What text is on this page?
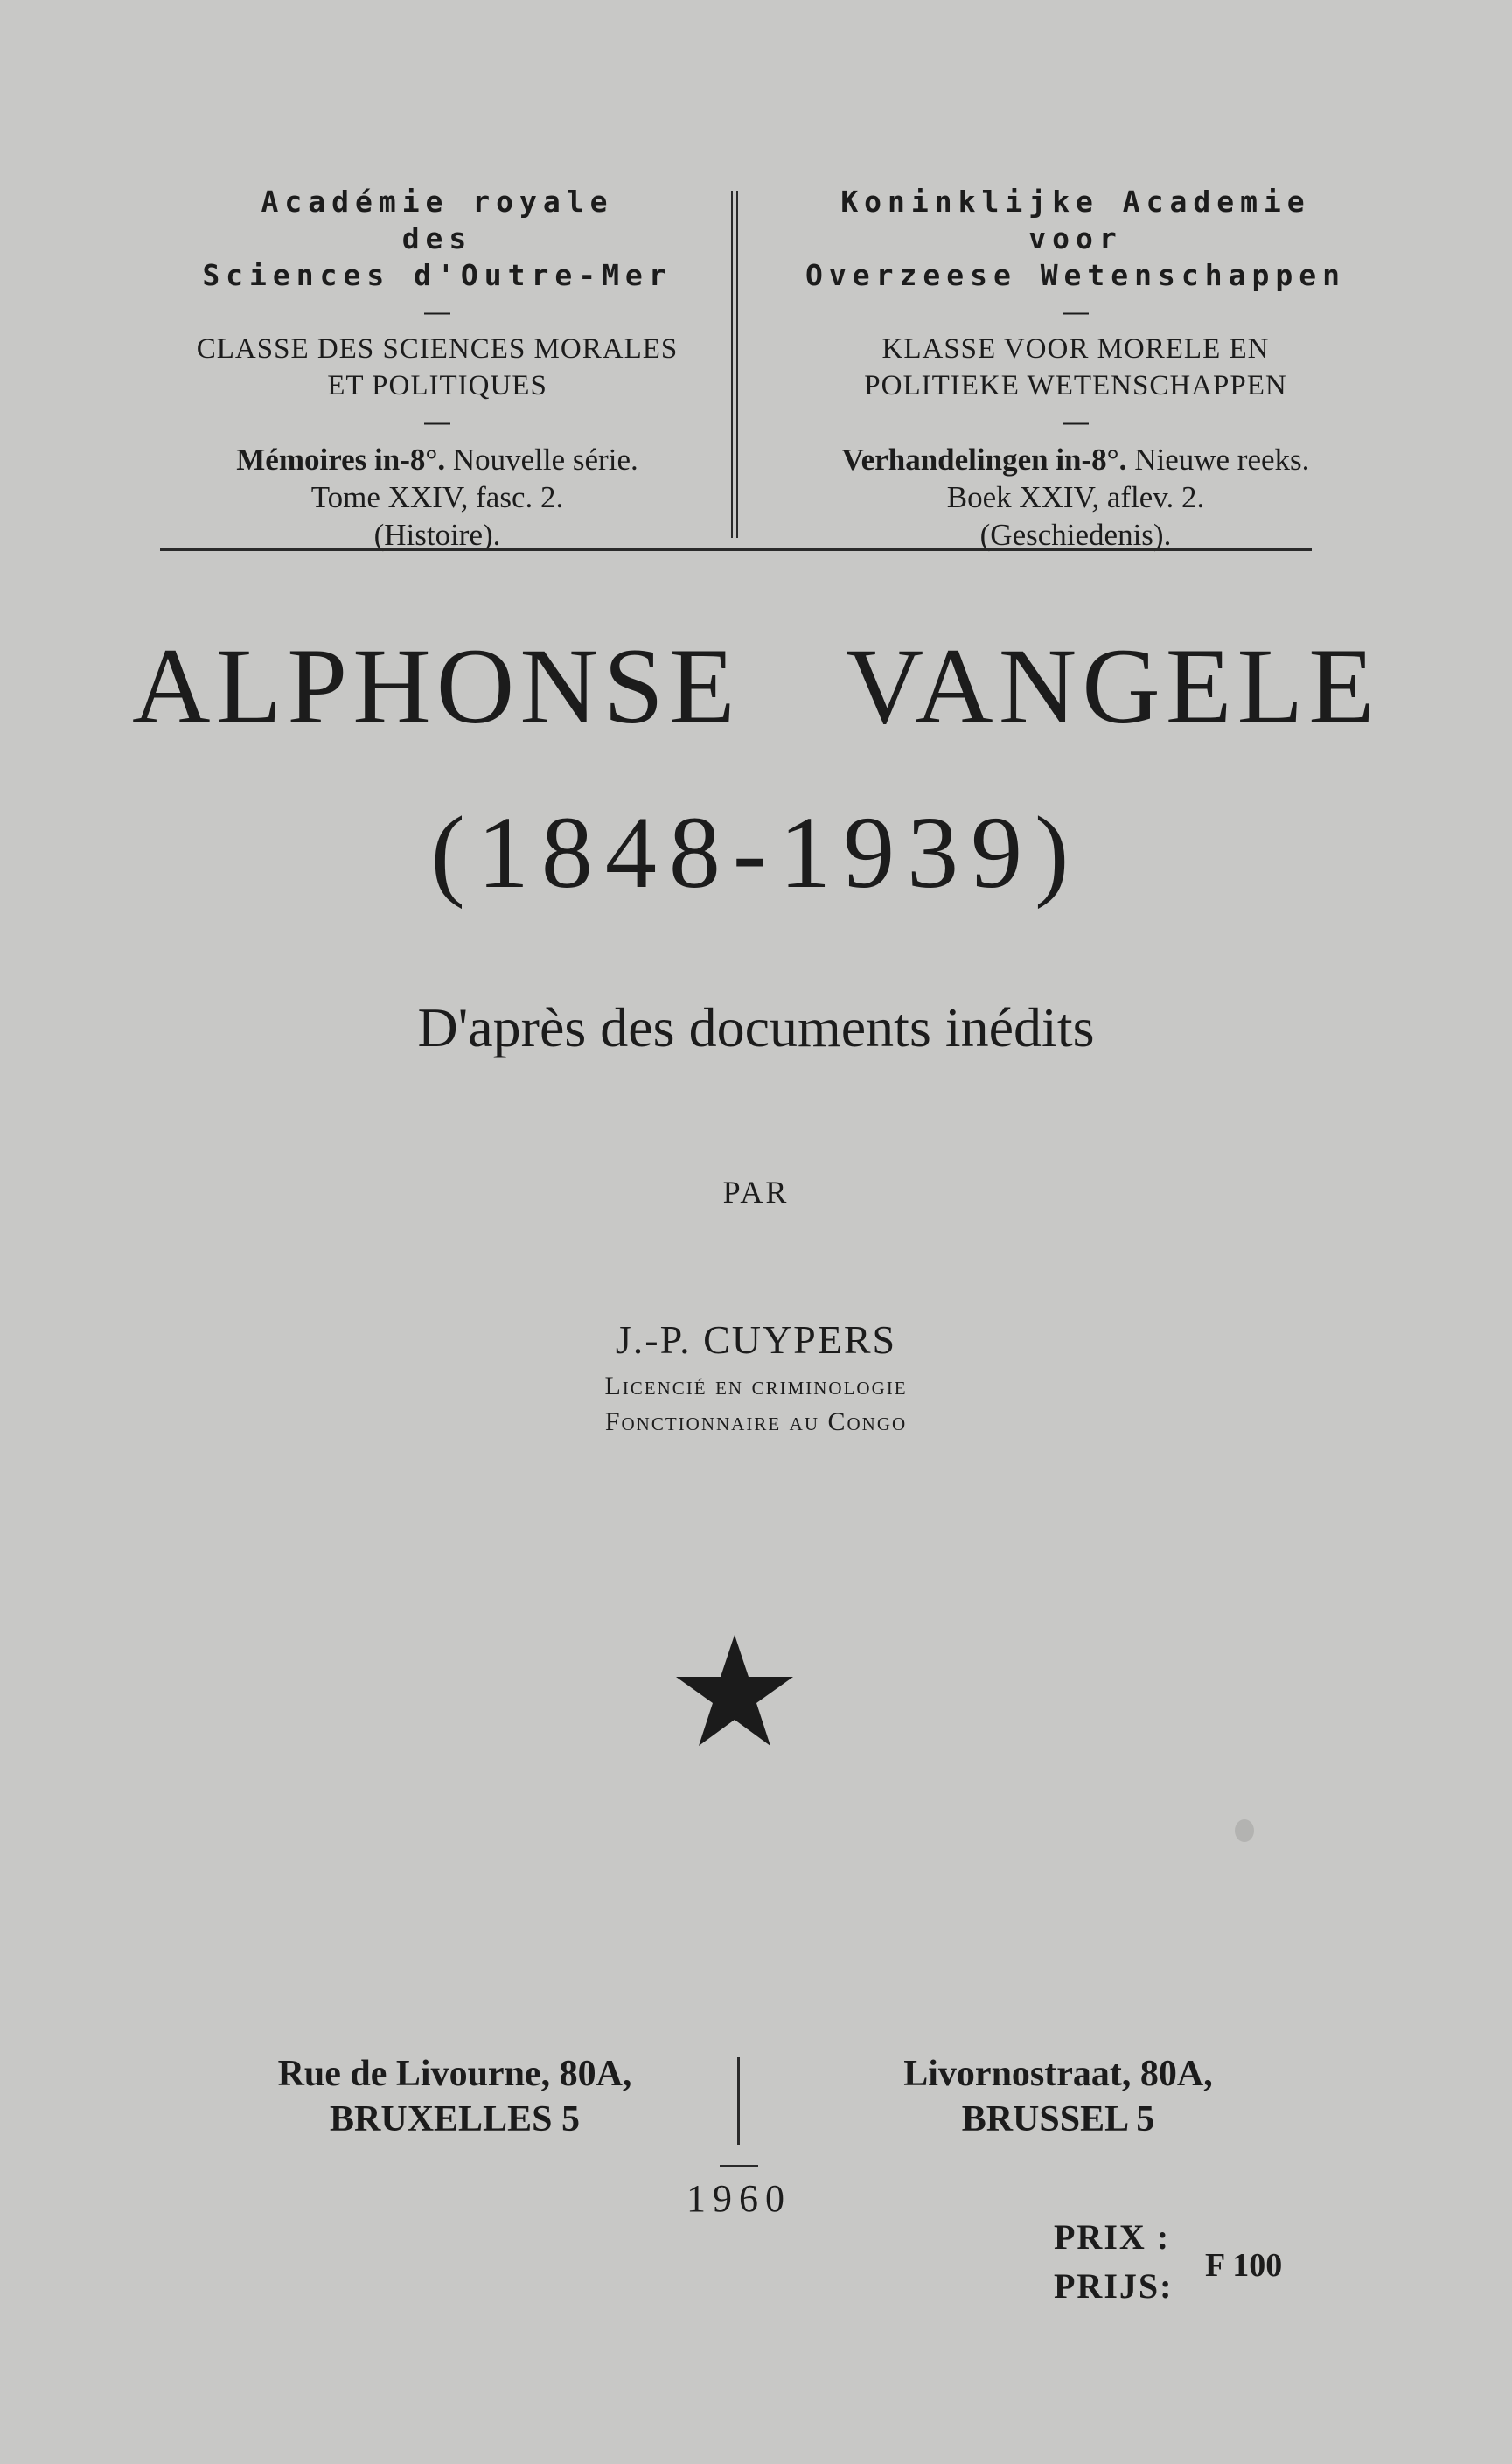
Académie royale
des
Sciences d'Outre-Mer
—
CLASSE DES SCIENCES MORALES
ET POLITIQUES
—
Mémoires in-8°. Nouvelle série.
Tome XXIV, fasc. 2.
(Histoire).
Koninklijke Academie
voor
Overzeese Wetenschappen
—
KLASSE VOOR MORELE EN
POLITIEKE WETENSCHAPPEN
—
Verhandelingen in-8°. Nieuwe reeks.
Boek XXIV, aflev. 2.
(Geschiedenis).
ALPHONSE VANGELE
(1848-1939)
D'après des documents inédits
PAR
J.-P. CUYPERS
Licencié en criminologie
Fonctionnaire au Congo
Rue de Livourne, 80A,
BRUXELLES 5
Livornostraat, 80A,
BRUSSEL 5
1960
PRIX :
PRIJS:
F 100
